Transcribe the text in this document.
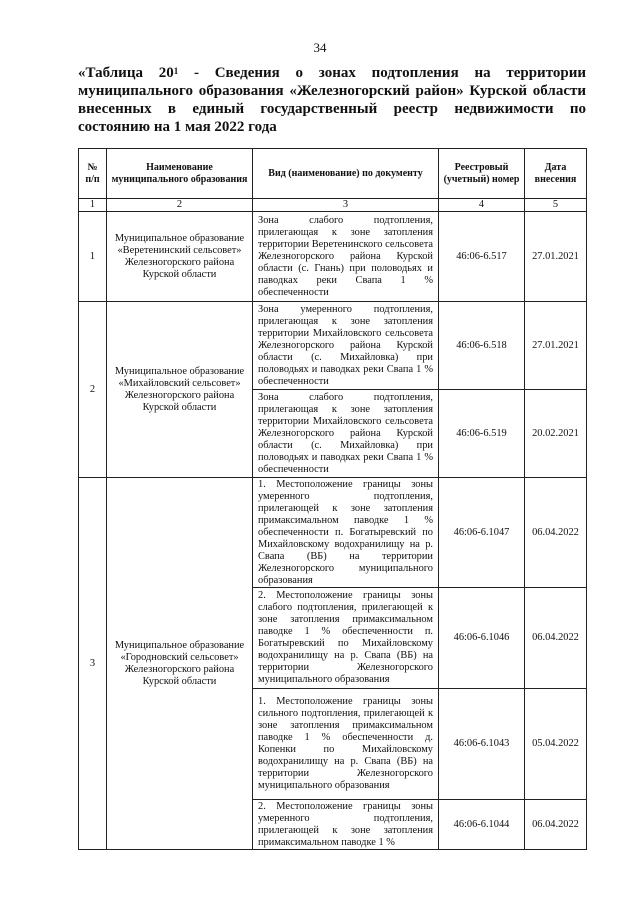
34
«Таблица $20^1$ - Сведения о зонах подтопления на территории муниципального образования «Железногорский район» Курской области внесенных в единый государственный реестр недвижимости по состоянию на 1 мая 2022 года
№ п/п	Наименование муниципального образования	Вид (наименование) по документу	Реестровый (учетный) номер	Дата внесения
1	2	3	4	5
1	Муниципальное образование «Веретенинский сельсовет» Железногорского района Курской области	Зона слабого подтопления, прилегающая к зоне затопления территории Веретенинского сельсовета Железногорского района Курской области (с. Гнань) при половодьях и паводках реки Свапа 1 % обеспеченности	46:06-6.517	27.01.2021
2	Муниципальное образование «Михайловский сельсовет» Железногорского района Курской области	Зона умеренного подтопления, прилегающая к зоне затопления территории Михайловского сельсовета Железногорского района Курской области (с. Михайловка) при половодьях и паводках реки Свапа 1 % обеспеченности	46:06-6.518	27.01.2021
		Зона слабого подтопления, прилегающая к зоне затопления территории Михайловского сельсовета Железногорского района Курской области (с. Михайловка) при половодьях и паводках реки Свапа 1 % обеспеченности	46:06-6.519	20.02.2021
3	Муниципальное образование «Городновский сельсовет» Железногорского района Курской области	1. Местоположение границы зоны умеренного подтопления, прилегающей к зоне затопления примаксимальном паводке 1 % обеспеченности п. Богатыревский по Михайловскому водохранилищу на р. Свапа (ВБ) на территории Железногорского муниципального образования	46:06-6.1047	06.04.2022
		2. Местоположение границы зоны слабого подтопления, прилегающей к зоне затопления примаксимальном паводке 1 % обеспеченности п. Богатыревский по Михайловскому водохранилищу на р. Свапа (ВБ) на территории Железногорского муниципального образования	46:06-6.1046	06.04.2022
		1. Местоположение границы зоны сильного подтопления, прилегающей к зоне затопления примаксимальном паводке 1 % обеспеченности д. Копенки по Михайловскому водохранилищу на р. Свапа (ВБ) на территории Железногорского муниципального образования	46:06-6.1043	05.04.2022
		2. Местоположение границы зоны умеренного подтопления, прилегающей к зоне затопления примаксимальном паводке 1 %	46:06-6.1044	06.04.2022
